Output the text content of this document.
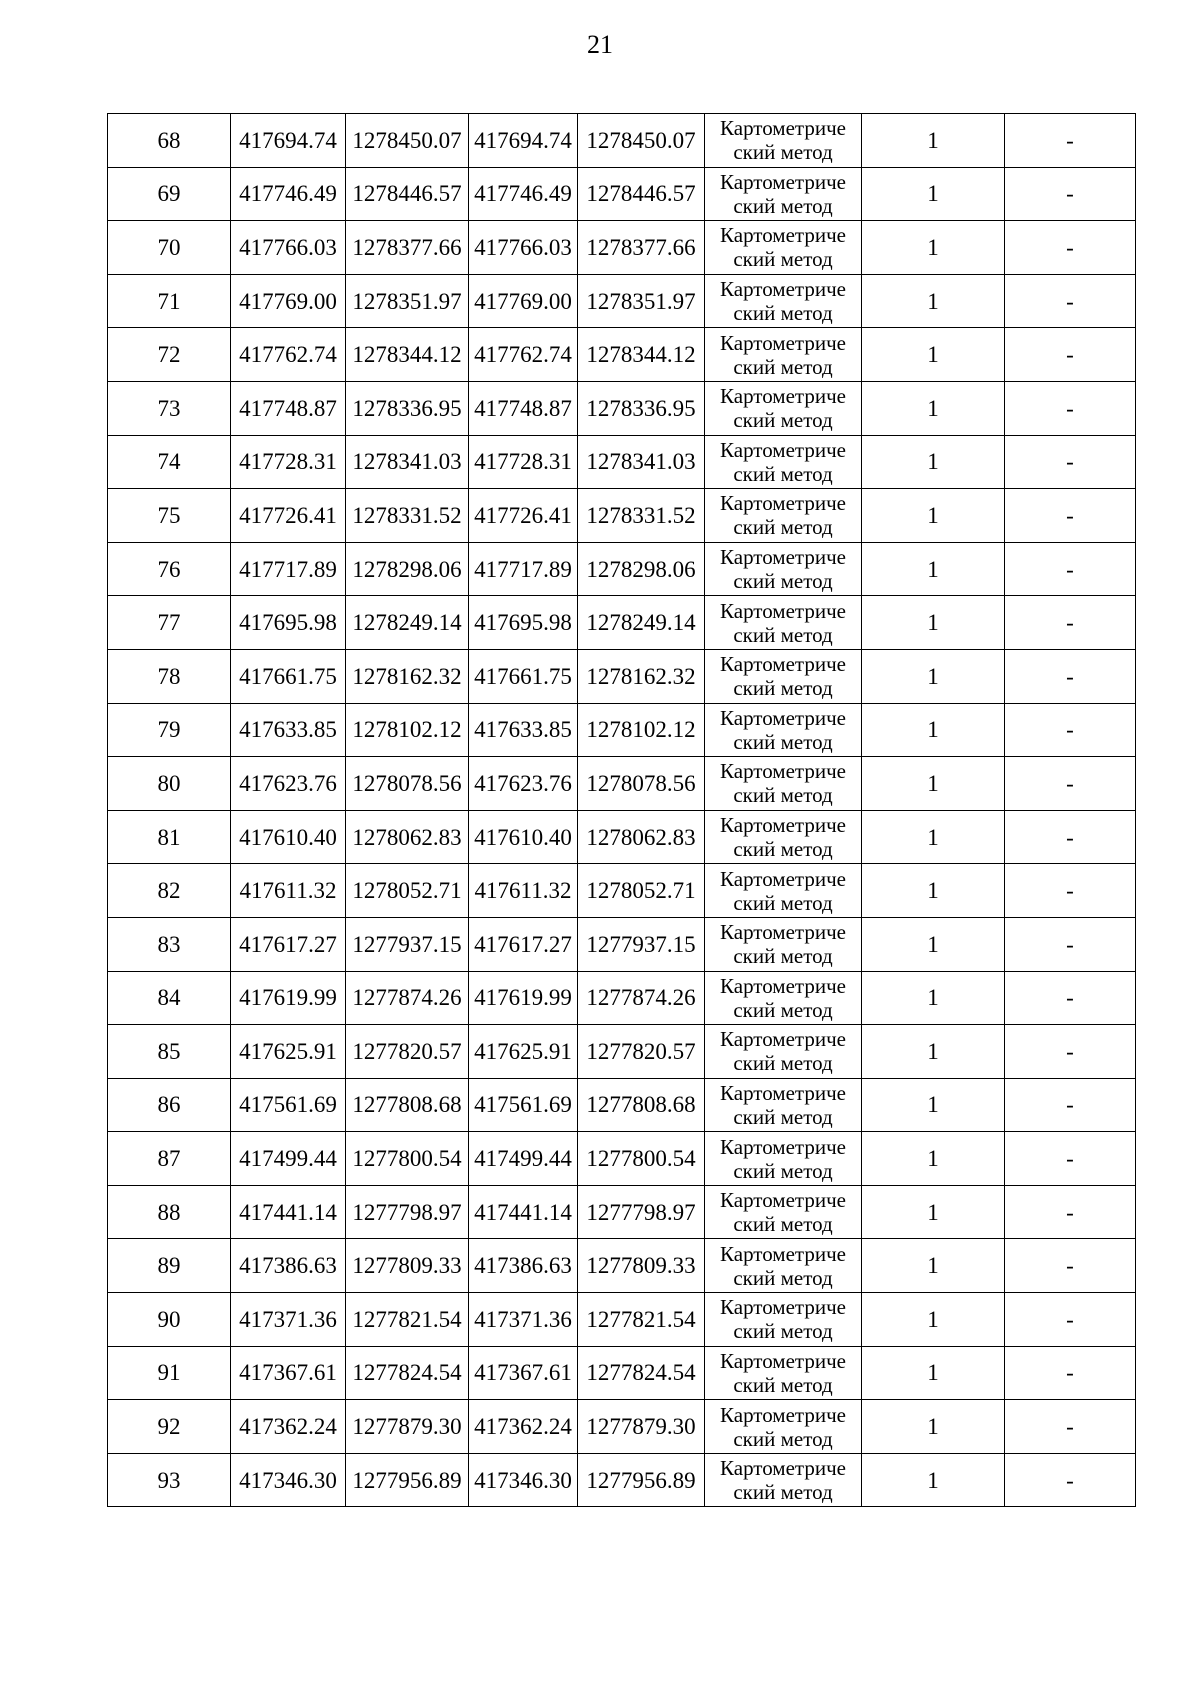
21
68	417694.74	1278450.07	417694.74	1278450.07	Картометриче
ский метод	1	-
69	417746.49	1278446.57	417746.49	1278446.57	Картометриче
ский метод	1	-
70	417766.03	1278377.66	417766.03	1278377.66	Картометриче
ский метод	1	-
71	417769.00	1278351.97	417769.00	1278351.97	Картометриче
ский метод	1	-
72	417762.74	1278344.12	417762.74	1278344.12	Картометриче
ский метод	1	-
73	417748.87	1278336.95	417748.87	1278336.95	Картометриче
ский метод	1	-
74	417728.31	1278341.03	417728.31	1278341.03	Картометриче
ский метод	1	-
75	417726.41	1278331.52	417726.41	1278331.52	Картометриче
ский метод	1	-
76	417717.89	1278298.06	417717.89	1278298.06	Картометриче
ский метод	1	-
77	417695.98	1278249.14	417695.98	1278249.14	Картометриче
ский метод	1	-
78	417661.75	1278162.32	417661.75	1278162.32	Картометриче
ский метод	1	-
79	417633.85	1278102.12	417633.85	1278102.12	Картометриче
ский метод	1	-
80	417623.76	1278078.56	417623.76	1278078.56	Картометриче
ский метод	1	-
81	417610.40	1278062.83	417610.40	1278062.83	Картометриче
ский метод	1	-
82	417611.32	1278052.71	417611.32	1278052.71	Картометриче
ский метод	1	-
83	417617.27	1277937.15	417617.27	1277937.15	Картометриче
ский метод	1	-
84	417619.99	1277874.26	417619.99	1277874.26	Картометриче
ский метод	1	-
85	417625.91	1277820.57	417625.91	1277820.57	Картометриче
ский метод	1	-
86	417561.69	1277808.68	417561.69	1277808.68	Картометриче
ский метод	1	-
87	417499.44	1277800.54	417499.44	1277800.54	Картометриче
ский метод	1	-
88	417441.14	1277798.97	417441.14	1277798.97	Картометриче
ский метод	1	-
89	417386.63	1277809.33	417386.63	1277809.33	Картометриче
ский метод	1	-
90	417371.36	1277821.54	417371.36	1277821.54	Картометриче
ский метод	1	-
91	417367.61	1277824.54	417367.61	1277824.54	Картометриче
ский метод	1	-
92	417362.24	1277879.30	417362.24	1277879.30	Картометриче
ский метод	1	-
93	417346.30	1277956.89	417346.30	1277956.89	Картометриче
ский метод	1	-
